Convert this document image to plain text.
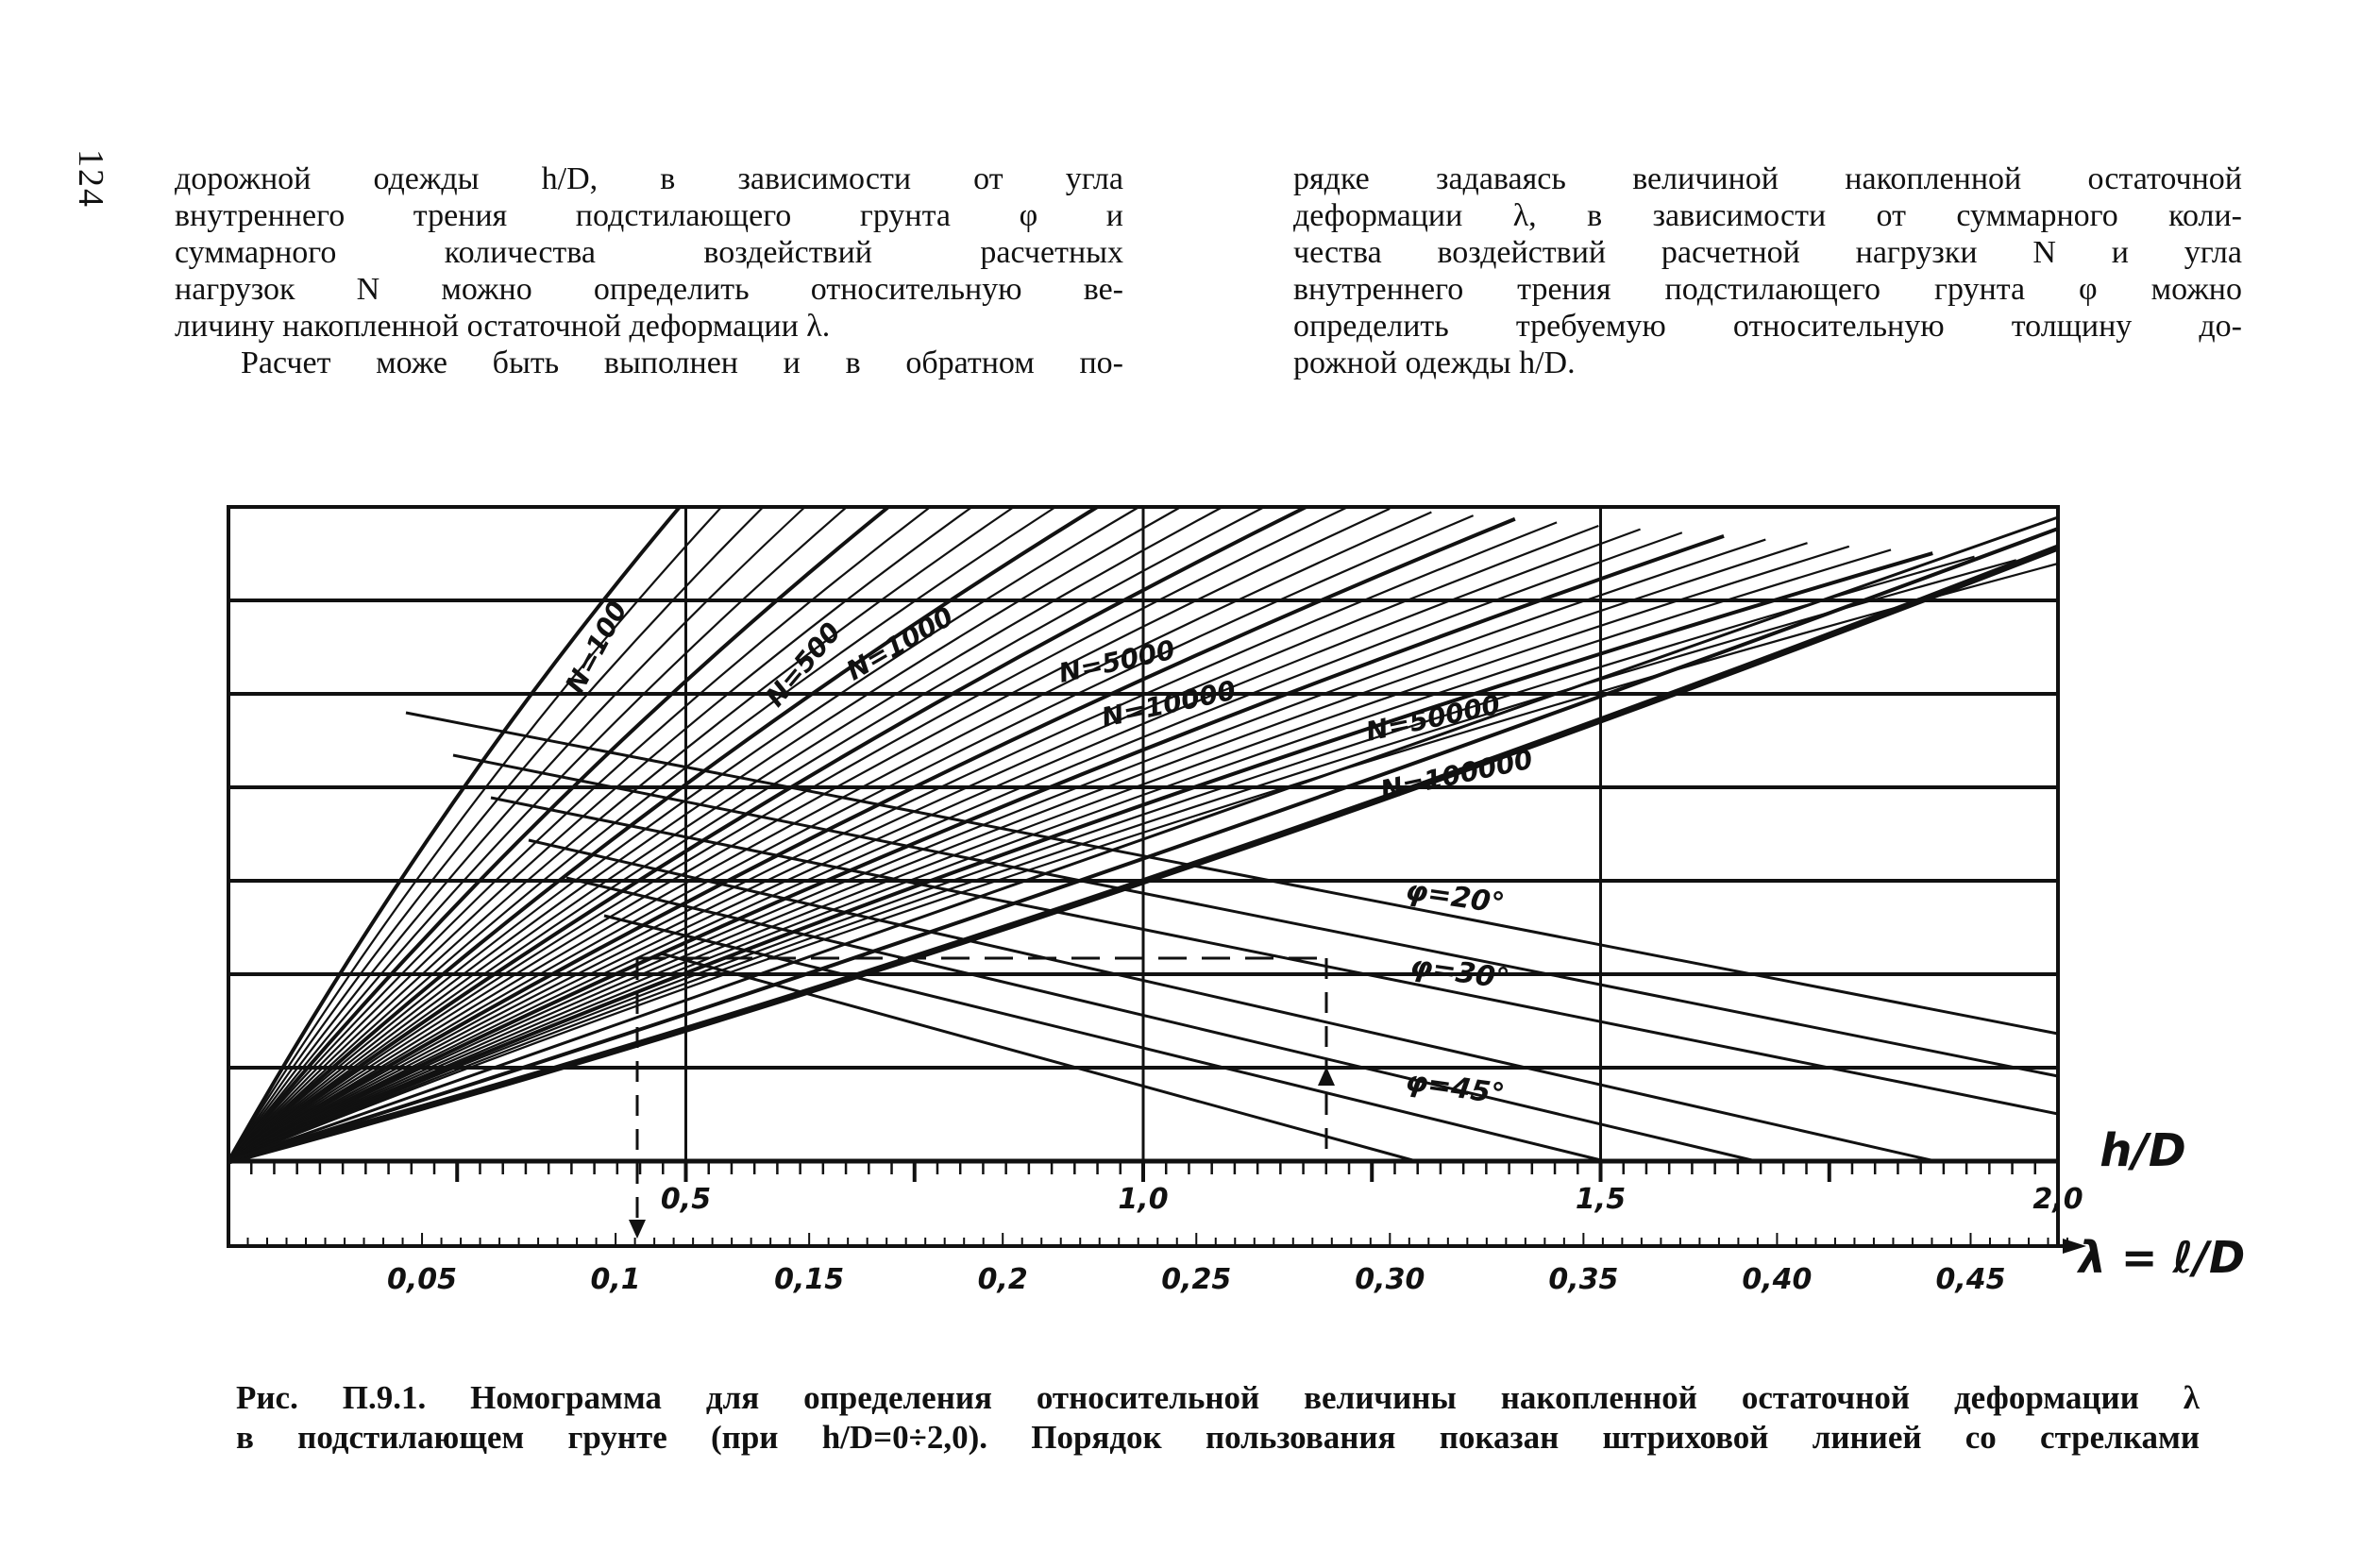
124 дорожной одежды h/D, в зависимости от угла
внутреннего трения подстилающего грунта φ и
суммарного количества воздействий расчетных
нагрузок N можно определить относительную ве-
личину накопленной остаточной деформации λ.

Расчет може быть выполнен и в обратном по-

рядке задаваясь величиной накопленной остаточной
деформации λ, в зависимости от суммарного коли-
чества воздействий расчетной нагрузки N и угла
внутреннего трения подстилающего грунта φ можно
определить требуемую относительную толщину до-
рожной одежды h/D.

0,5	1,0	1,5	2,0
0,05	0,1	0,15	0,2	0,25	0,30	0,35	0,40	0,45
h/D
λ = ℓ/D
N=100	N=500
N=1000	N=5000
N=10000	N=50000
N=100000
φ=20°
φ=30°
φ=45°
Рис. П.9.1. Номограмма для определения относительной величины накопленной остаточной деформации λ
в подстилающем грунте (при h/D=0÷2,0). Порядок пользования показан штриховой линией со стрелками
